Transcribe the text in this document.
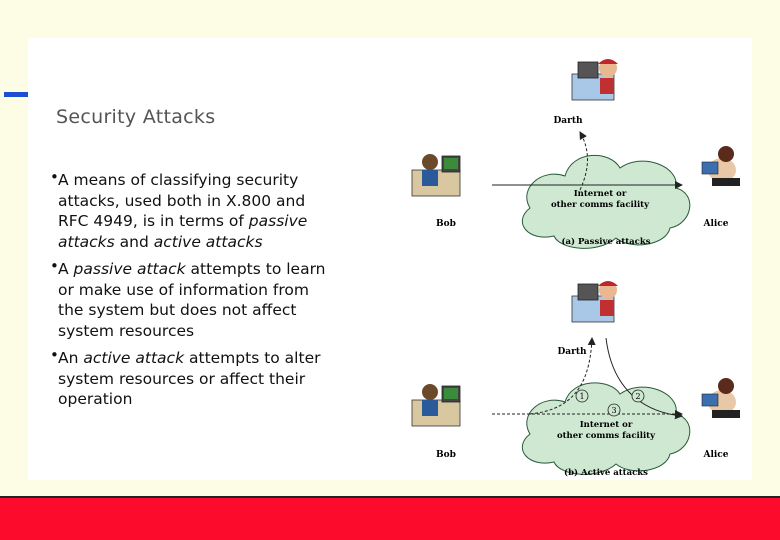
Security Attacks
• A means of classifying security attacks, used both in X.800 and RFC 4949, is in terms of passive attacks and active attacks
• A passive attack attempts to learn or make use of information from the system but does not affect system resources
• An active attack attempts to alter system resources or affect their operation
Darth
Bob
Internet or
other comms facility
Alice
(a) Passive attacks
Darth
Bob
Internet or
other comms facility
1	2
3
Alice
(b) Active attacks
